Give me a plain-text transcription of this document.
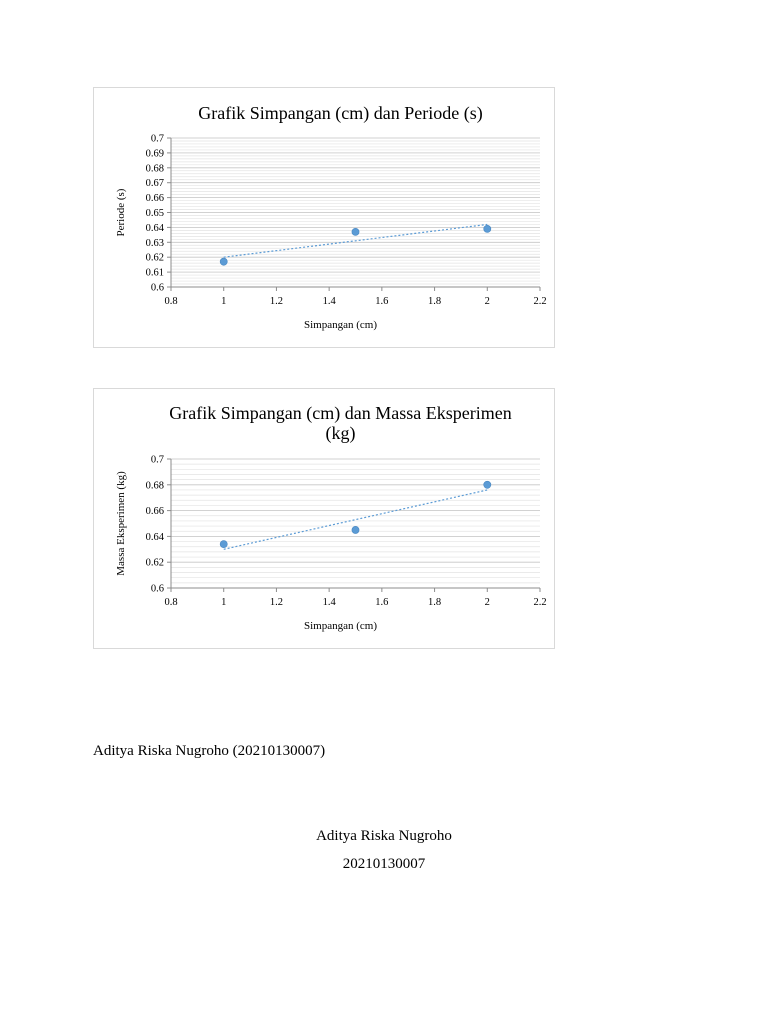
Grafik Simpangan (cm) dan Periode (s)
0.6
0.61
0.62
0.63
0.64
0.65
0.66
0.67
0.68
0.69
0.7
0.8	1	1.2	1.4	1.6	1.8	2	2.2
Simpangan (cm)
Periode (s)
Grafik Simpangan (cm) dan Massa Eksperimen
(kg)
0.6
0.62
0.64
0.66
0.68
0.7
0.8	1	1.2	1.4	1.6	1.8	2	2.2
Simpangan (cm)
Massa Eksperimen (kg)

Aditya Riska Nugroho (20210130007)

Aditya Riska Nugroho

20210130007
